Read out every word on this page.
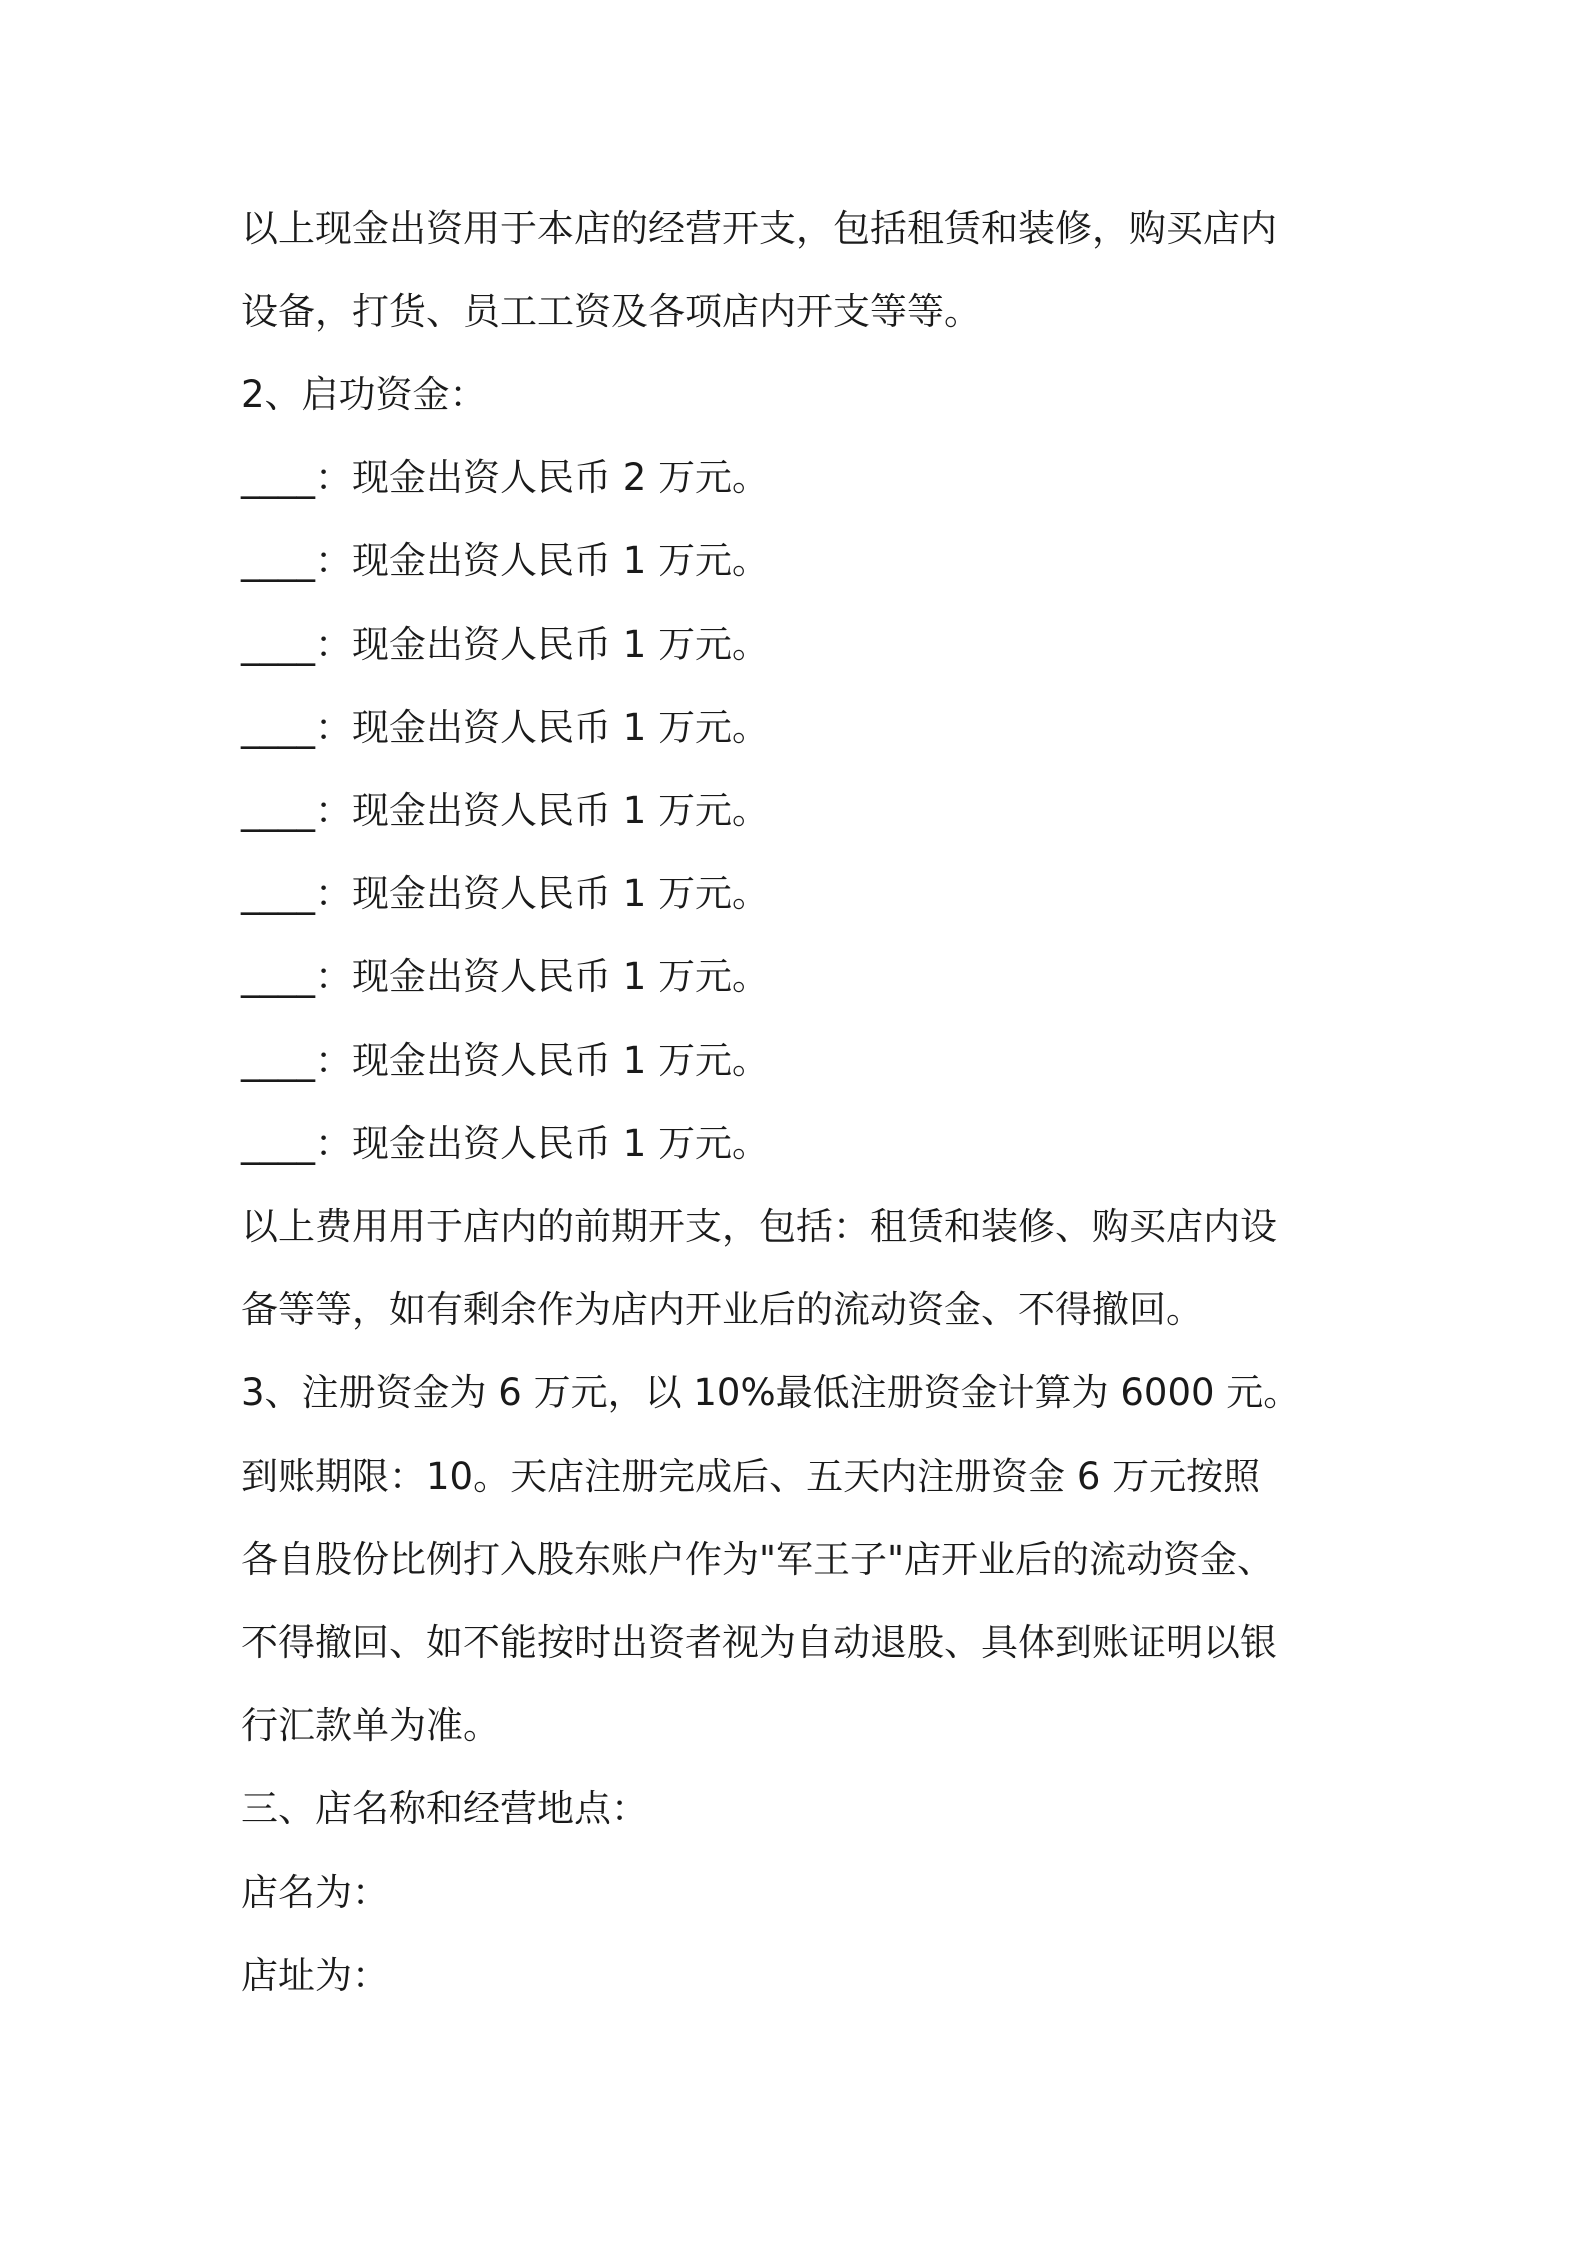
以上现金出资用于本店的经营开支，包括租赁和装修，购买店内
设备，打货、员工工资及各项店内开支等等。
2、启功资金：
____：现金出资人民币 2 万元。
____：现金出资人民币 1 万元。
____：现金出资人民币 1 万元。
____：现金出资人民币 1 万元。
____：现金出资人民币 1 万元。
____：现金出资人民币 1 万元。
____：现金出资人民币 1 万元。
____：现金出资人民币 1 万元。
____：现金出资人民币 1 万元。
以上费用用于店内的前期开支，包括：租赁和装修、购买店内设
备等等，如有剩余作为店内开业后的流动资金、不得撤回。
3、注册资金为 6 万元，以 10%最低注册资金计算为 6000 元。
到账期限：10。天店注册完成后、五天内注册资金 6 万元按照
各自股份比例打入股东账户作为"军王子"店开业后的流动资金、
不得撤回、如不能按时出资者视为自动退股、具体到账证明以银
行汇款单为准。
三、店名称和经营地点：
店名为：
店址为：
